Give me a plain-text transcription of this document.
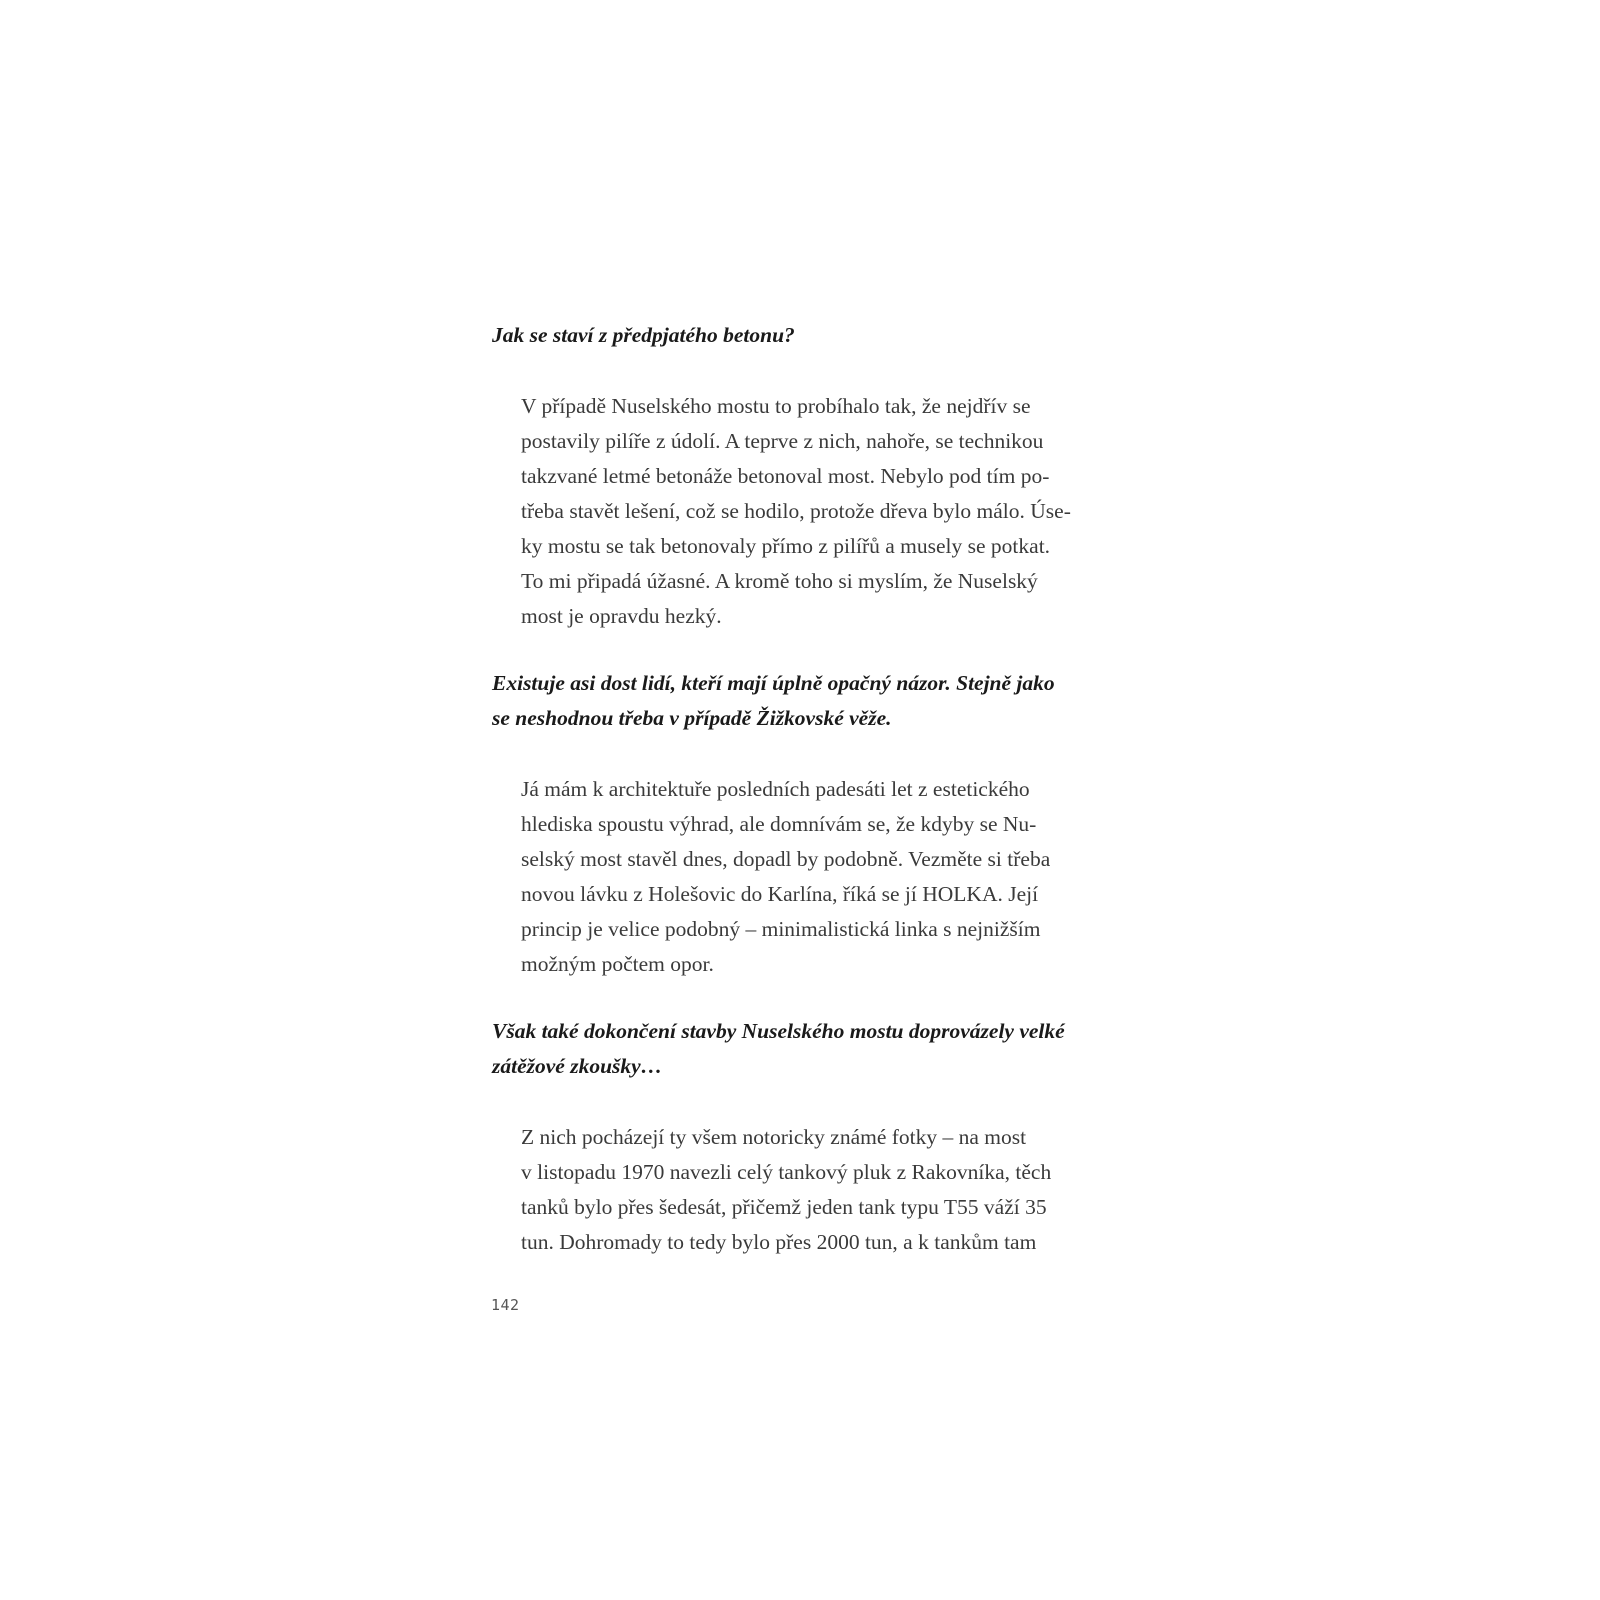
Jak se staví z předpjatého betonu?

V případě Nuselského mostu to probíhalo tak, že nejdřív se
postavily pilíře z údolí. A teprve z nich, nahoře, se technikou
takzvané letmé betonáže betonoval most. Nebylo pod tím po-
třeba stavět lešení, což se hodilo, protože dřeva bylo málo. Úse-
ky mostu se tak betonovaly přímo z pilířů a musely se potkat.
To mi připadá úžasné. A kromě toho si myslím, že Nuselský
most je opravdu hezký.

Existuje asi dost lidí, kteří mají úplně opačný názor. Stejně jako
se neshodnou třeba v případě Žižkovské věže.

Já mám k architektuře posledních padesáti let z estetického
hlediska spoustu výhrad, ale domnívám se, že kdyby se Nu-
selský most stavěl dnes, dopadl by podobně. Vezměte si třeba
novou lávku z Holešovic do Karlína, říká se jí HOLKA. Její
princip je velice podobný – minimalistická linka s nejnižším
možným počtem opor.

Však také dokončení stavby Nuselského mostu doprovázely velké
zátěžové zkoušky…

Z nich pocházejí ty všem notoricky známé fotky – na most
v listopadu 1970 navezli celý tankový pluk z Rakovníka, těch
tanků bylo přes šedesát, přičemž jeden tank typu T55 váží 35
tun. Dohromady to tedy bylo přes 2000 tun, a k tankům tam

142
